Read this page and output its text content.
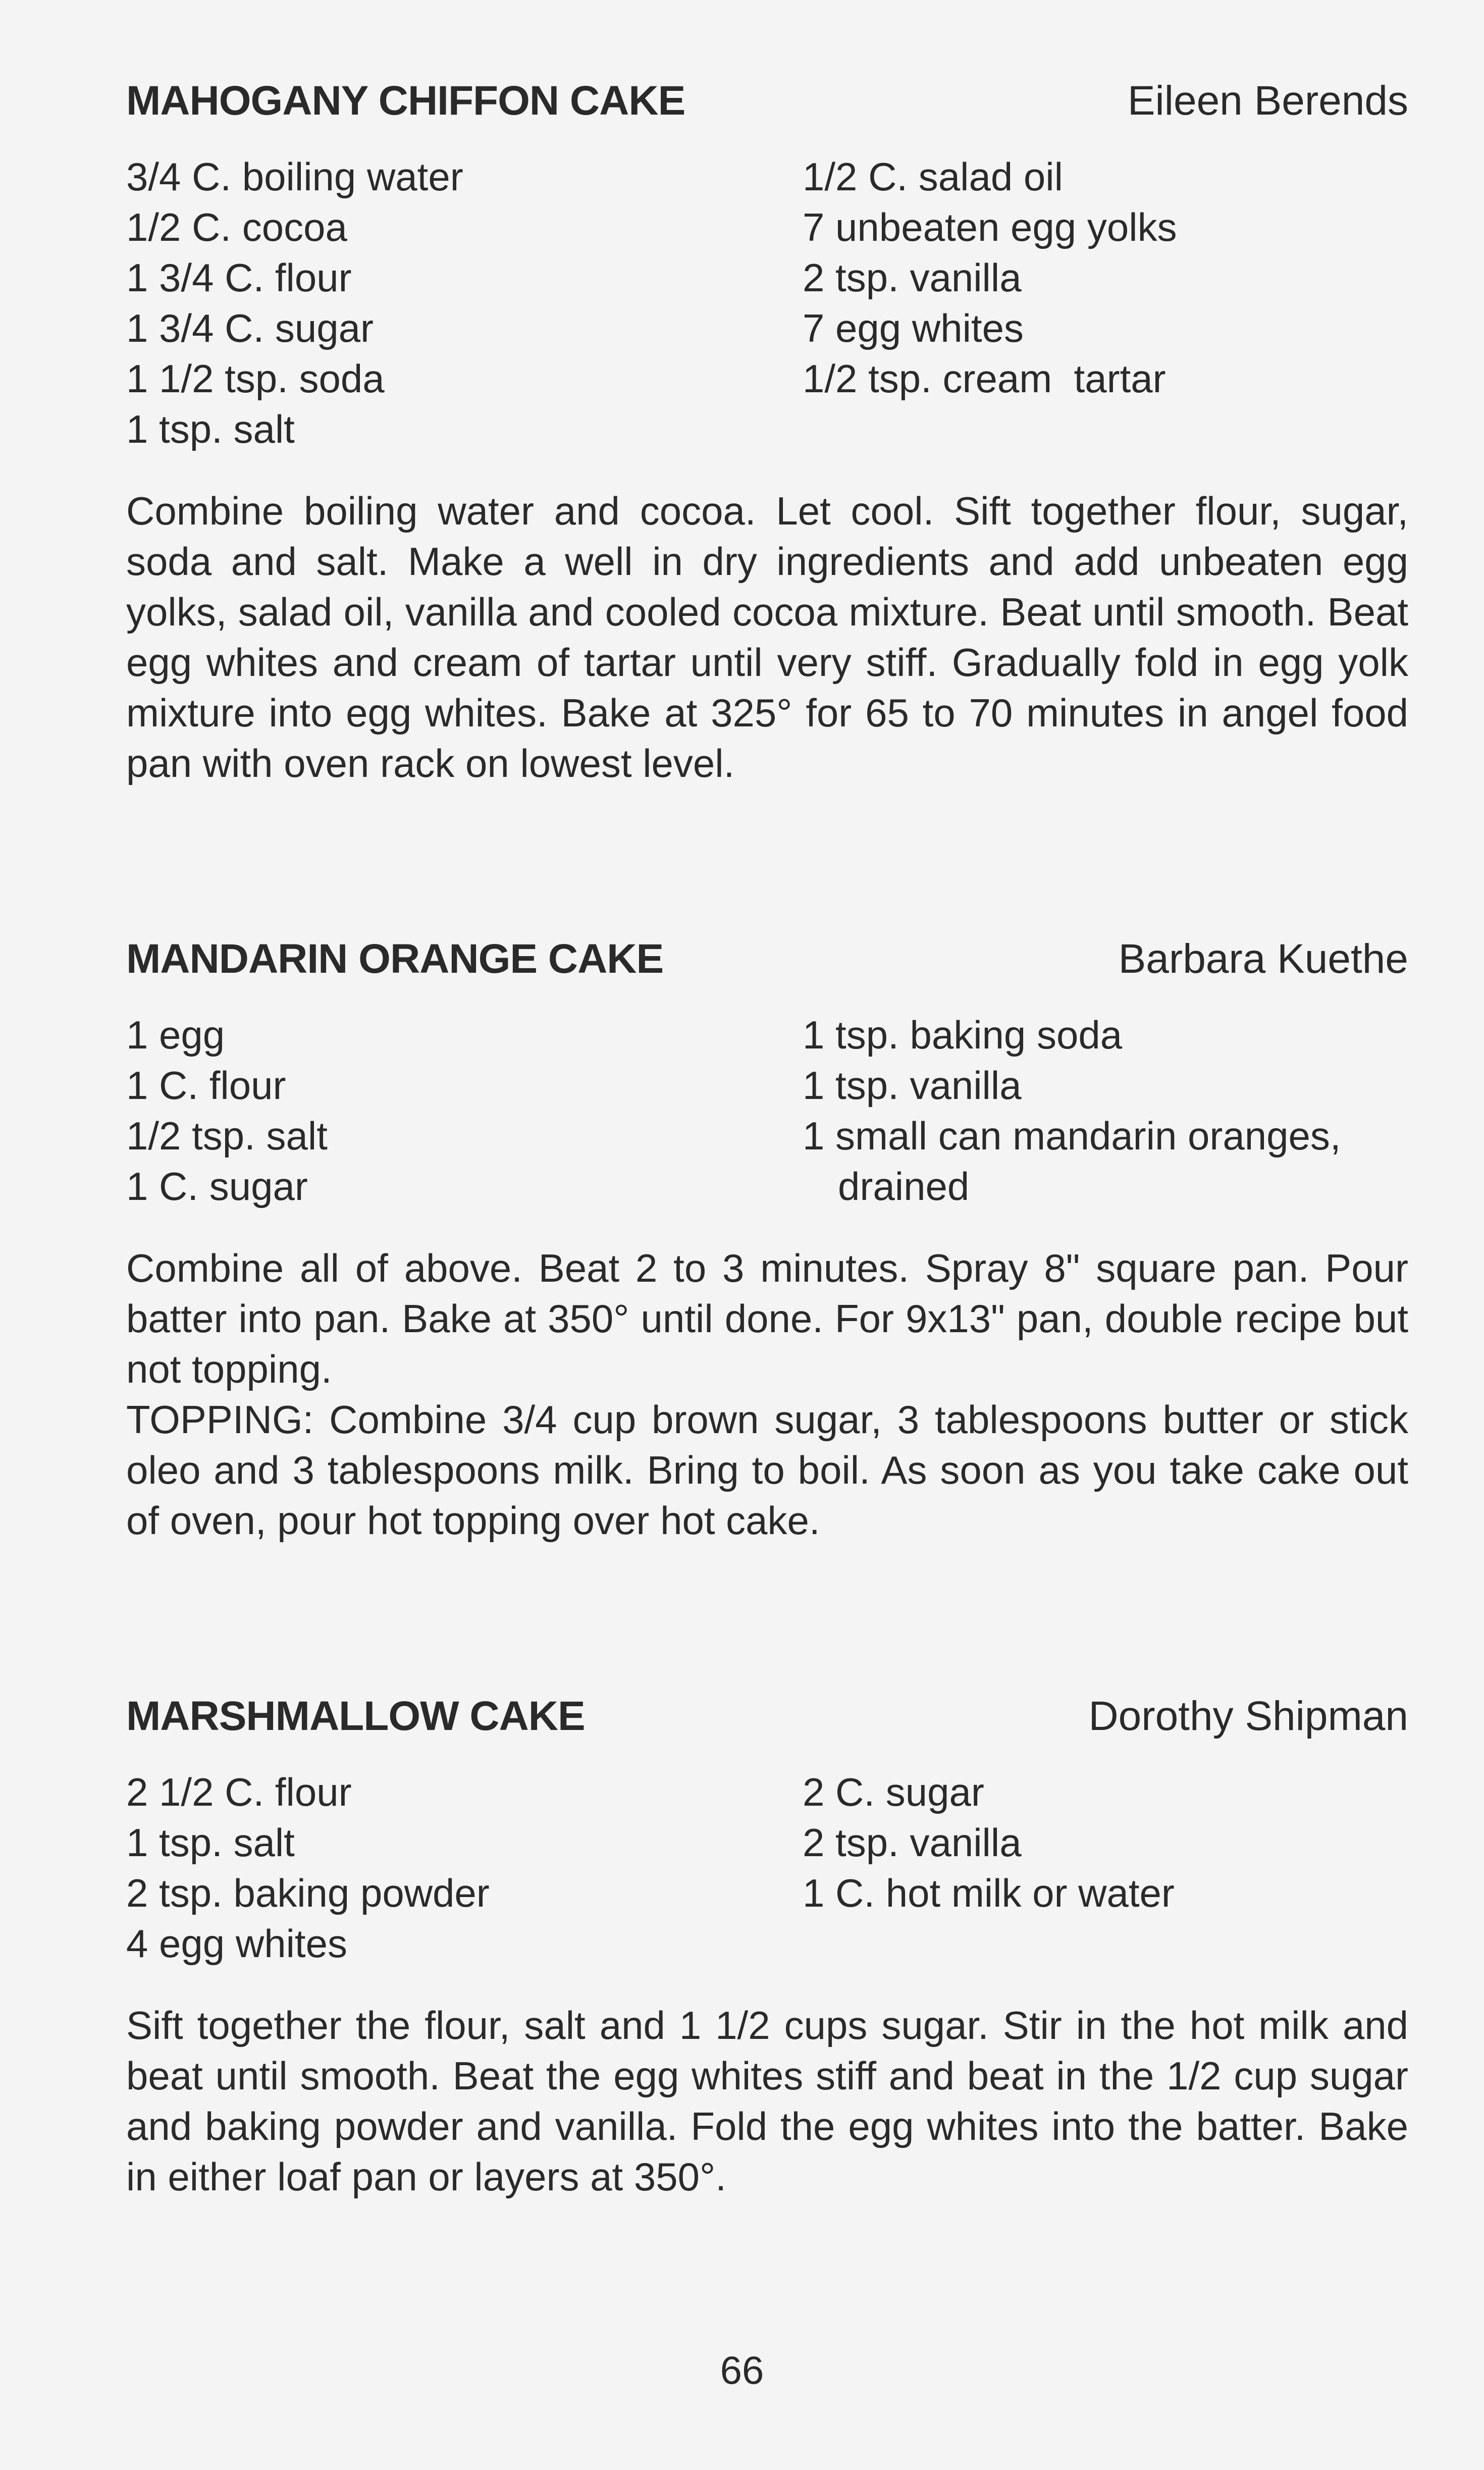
MAHOGANY CHIFFON CAKE	Eileen Berends
3/4 C. boiling water
1/2 C. cocoa
1 3/4 C. flour
1 3/4 C. sugar
1 1/2 tsp. soda
1 tsp. salt
1/2 C. salad oil
7 unbeaten egg yolks
2 tsp. vanilla
7 egg whites
1/2 tsp. cream  tartar

Combine boiling water and cocoa. Let cool. Sift together flour, sugar, soda and salt. Make a well in dry ingredients and add unbeaten egg yolks, salad oil, vanilla and cooled cocoa mixture. Beat until smooth. Beat egg whites and cream of tartar until very stiff. Gradually fold in egg yolk mixture into egg whites. Bake at 325° for 65 to 70 minutes in angel food pan with oven rack on lowest level.

MANDARIN ORANGE CAKE	Barbara Kuethe
1 egg
1 C. flour
1/2 tsp. salt
1 C. sugar
1 tsp. baking soda
1 tsp. vanilla
1 small can mandarin oranges,
drained

Combine all of above. Beat 2 to 3 minutes. Spray 8" square pan. Pour batter into pan. Bake at 350° until done. For 9x13" pan, double recipe but not topping.

TOPPING: Combine 3/4 cup brown sugar, 3 tablespoons butter or stick oleo and 3 tablespoons milk. Bring to boil. As soon as you take cake out of oven, pour hot topping over hot cake.

MARSHMALLOW CAKE	Dorothy Shipman
2 1/2 C. flour
1 tsp. salt
2 tsp. baking powder
4 egg whites
2 C. sugar
2 tsp. vanilla
1 C. hot milk or water

Sift together the flour, salt and 1 1/2 cups sugar. Stir in the hot milk and beat until smooth. Beat the egg whites stiff and beat in the 1/2 cup sugar and baking powder and vanilla. Fold the egg whites into the batter. Bake in either loaf pan or layers at 350°.

66
